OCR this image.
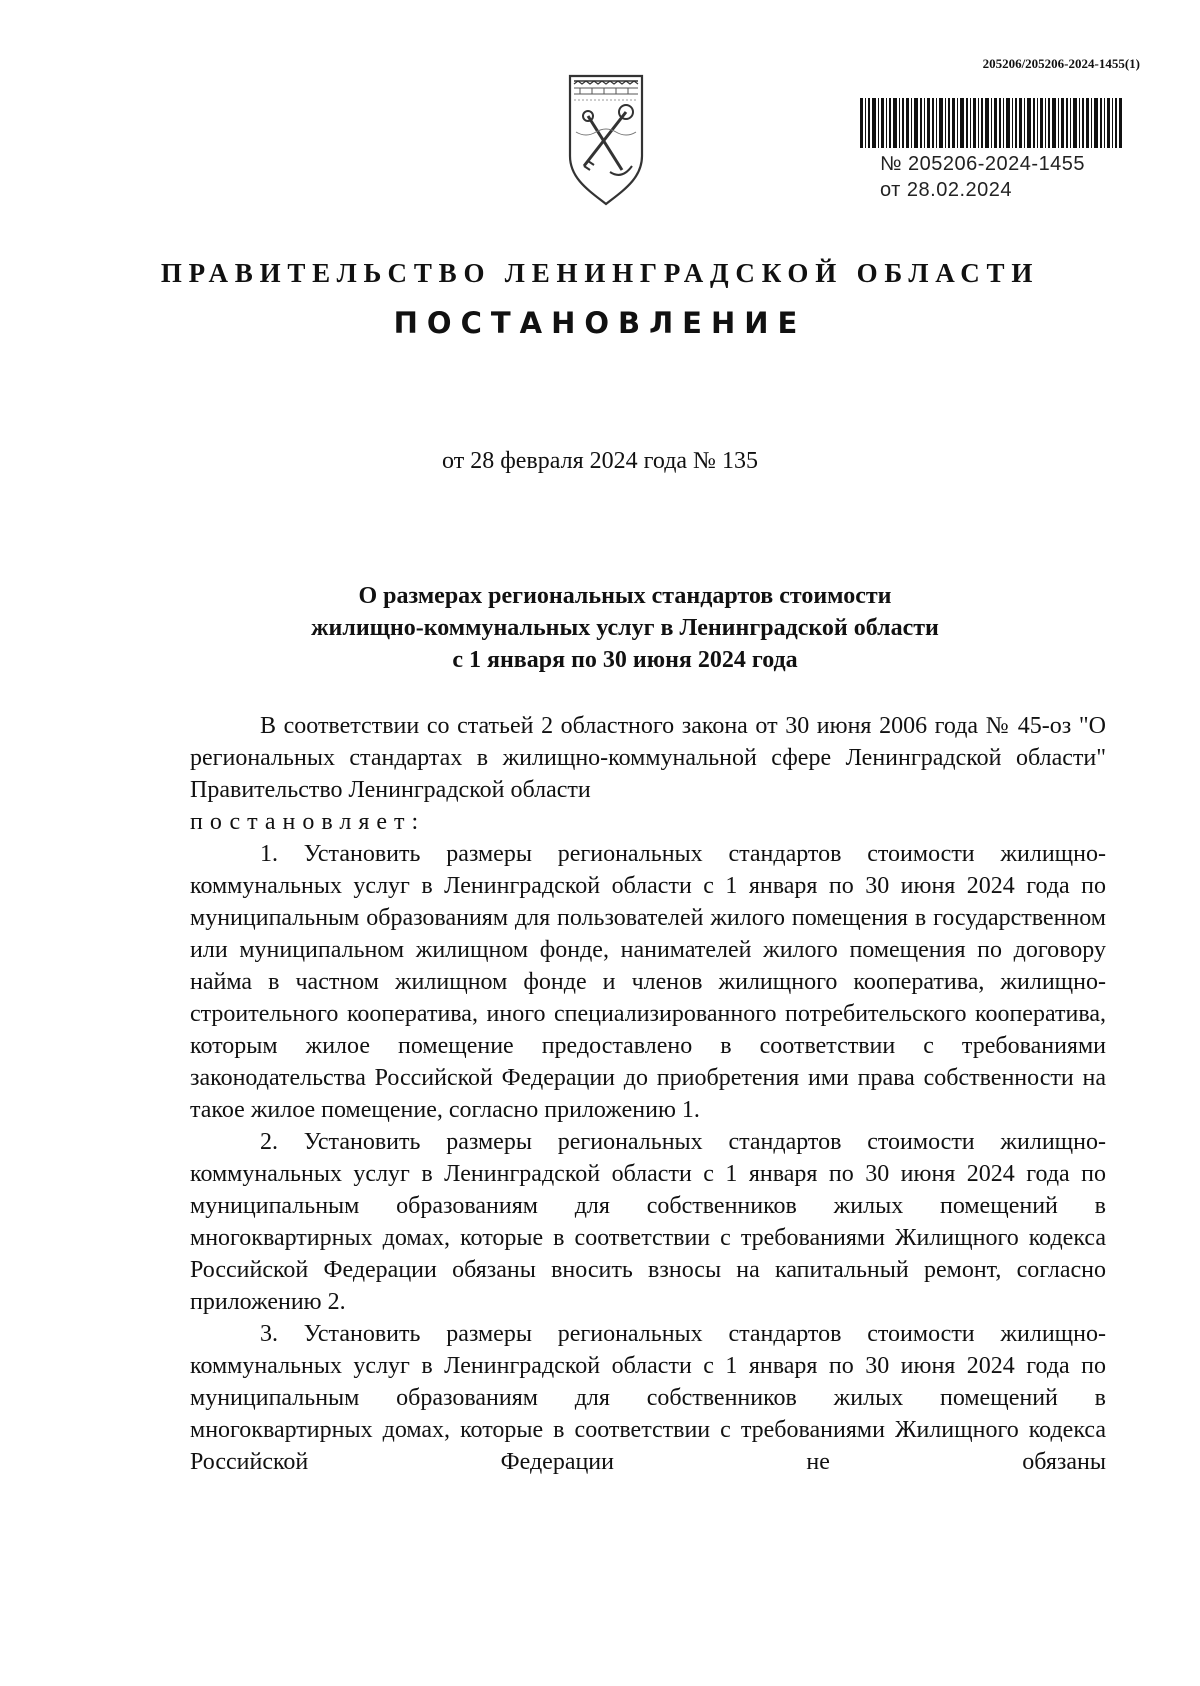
205206/205206-2024-1455(1)
№ 205206-2024-1455
от 28.02.2024
ПРАВИТЕЛЬСТВО ЛЕНИНГРАДСКОЙ ОБЛАСТИ
ПОСТАНОВЛЕНИЕ
от 28 февраля 2024 года № 135
О размерах региональных стандартов стоимости
жилищно-коммунальных услуг в Ленинградской области
с 1 января по 30 июня 2024 года

В соответствии со статьей 2 областного закона от 30 июня 2006 года № 45-оз "О региональных стандартах в жилищно-коммунальной сфере Ленинградской области" Правительство Ленинградской области

постановляет:

1. Установить размеры региональных стандартов стоимости жилищно-коммунальных услуг в Ленинградской области с 1 января по 30 июня 2024 года по муниципальным образованиям для пользователей жилого помещения в государственном или муниципальном жилищном фонде, нанимателей жилого помещения по договору найма в частном жилищном фонде и членов жилищного кооператива, жилищно-строительного кооператива, иного специализированного потребительского кооператива, которым жилое помещение предоставлено в соответствии с требованиями законодательства Российской Федерации до приобретения ими права собственности на такое жилое помещение, согласно приложению 1.

2. Установить размеры региональных стандартов стоимости жилищно-коммунальных услуг в Ленинградской области с 1 января по 30 июня 2024 года по муниципальным образованиям для собственников жилых помещений в многоквартирных домах, которые в соответствии с требованиями Жилищного кодекса Российской Федерации обязаны вносить взносы на капитальный ремонт, согласно приложению 2.

3. Установить размеры региональных стандартов стоимости жилищно-коммунальных услуг в Ленинградской области с 1 января по 30 июня 2024 года по муниципальным образованиям для собственников жилых помещений в многоквартирных домах, которые в соответствии с требованиями Жилищного кодекса Российской Федерации не обязаны
